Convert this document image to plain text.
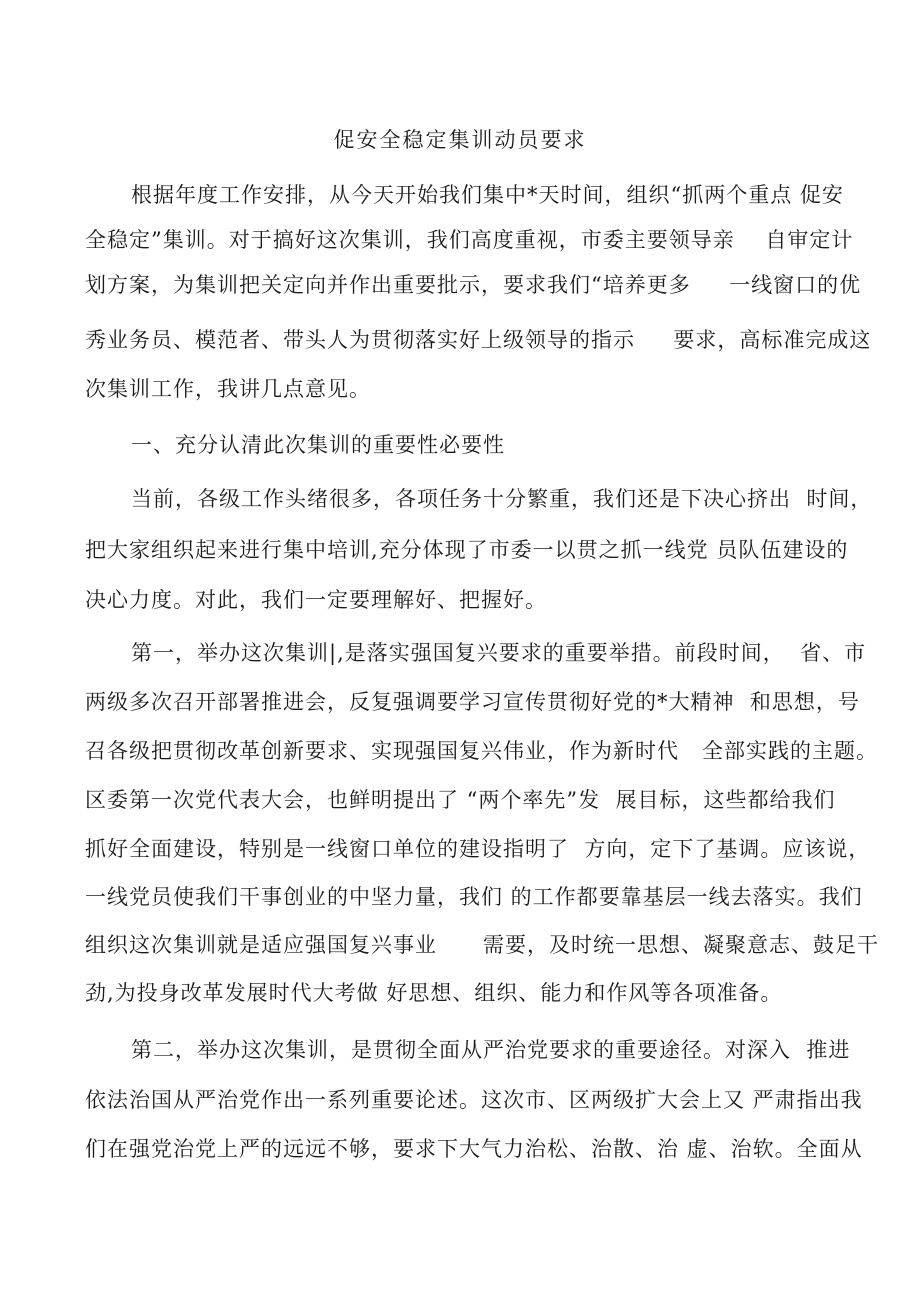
促安全稳定集训动员要求
根据年度工作安排，从今天开始我们集中*天时间，组织“抓两个重点 促安
全稳定”集训。对于搞好这次集训，我们高度重视，市委主要领导亲    自审定计
划方案，为集训把关定向并作出重要批示，要求我们“培养更多     一线窗口的优
秀业务员、模范者、带头人为贯彻落实好上级领导的指示     要求，高标准完成这
次集训工作，我讲几点意见。
一、充分认清此次集训的重要性必要性
当前，各级工作头绪很多，各项任务十分繁重，我们还是下决心挤出  时间，
把大家组织起来进行集中培训,充分体现了市委一以贯之抓一线党 员队伍建设的
决心力度。对此，我们一定要理解好、把握好。
第一，举办这次集训|,是落实强国复兴要求的重要举措。前段时间，  省、市
两级多次召开部署推进会，反复强调要学习宣传贯彻好党的*大精神  和思想，号
召各级把贯彻改革创新要求、实现强国复兴伟业，作为新时代   全部实践的主题。
区委第一次党代表大会，也鲜明提出了 “两个率先”发  展目标，这些都给我们
抓好全面建设，特别是一线窗口单位的建设指明了  方向，定下了基调。应该说，
一线党员使我们干事创业的中坚力量，我们 的工作都要靠基层一线去落实。我们
组织这次集训就是适应强国复兴事业      需要，及时统一思想、凝聚意志、鼓足干
劲,为投身改革发展时代大考做 好思想、组织、能力和作风等各项准备。
第二，举办这次集训，是贯彻全面从严治党要求的重要途径。对深入  推进
依法治国从严治党作出一系列重要论述。这次市、区两级扩大会上又 严肃指出我
们在强党治党上严的远远不够，要求下大气力治松、治散、治 虚、治软。全面从
